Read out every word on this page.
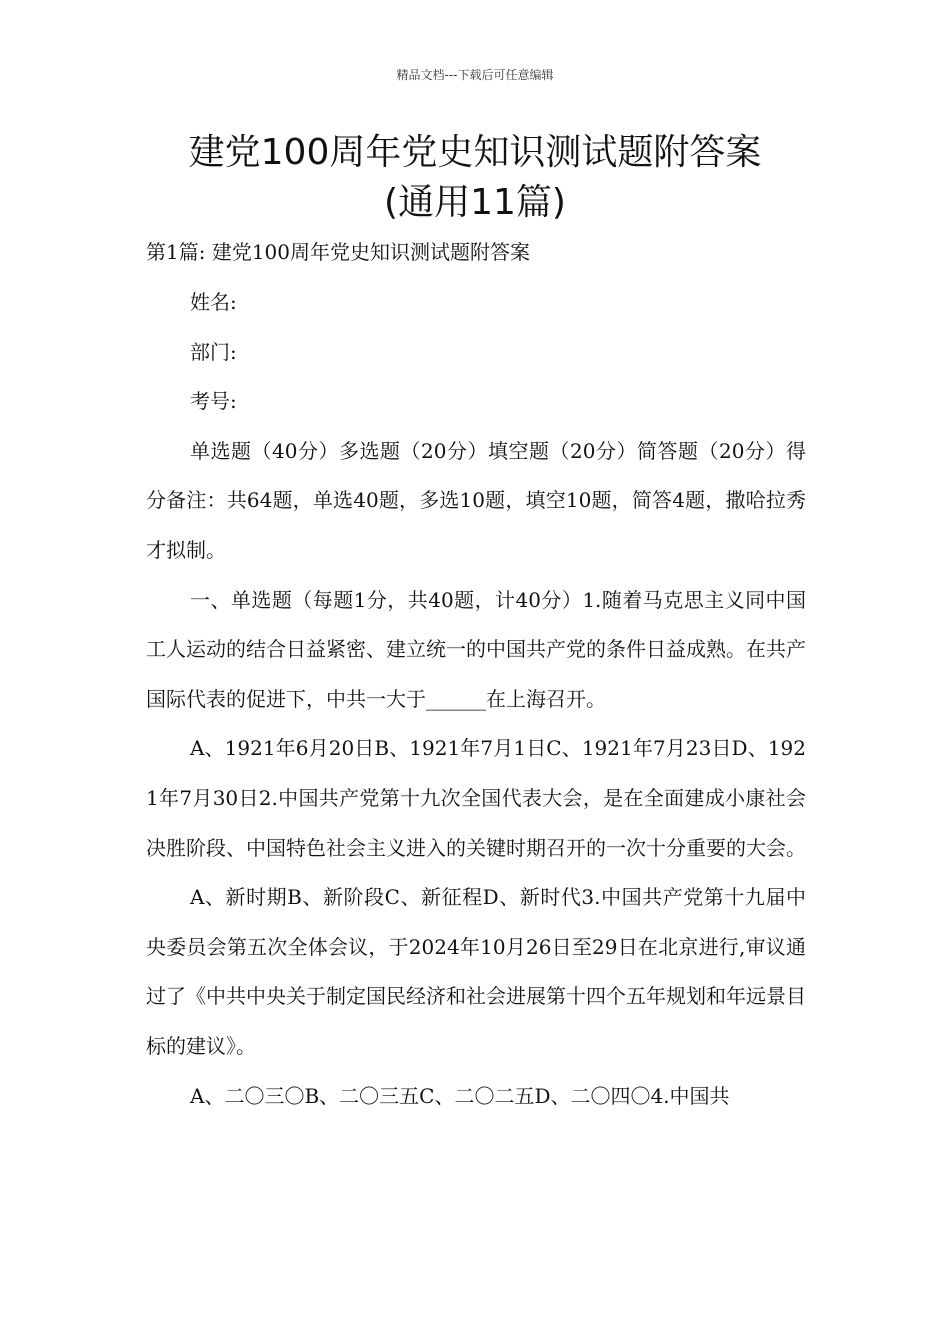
精品文档---下载后可任意编辑
建党100周年党史知识测试题附答案
(通用11篇)
第1篇: 建党100周年党史知识测试题附答案

姓名:

部门:

考号:

单选题（40分）多选题（20分）填空题（20分）简答题（20分）得分备注：共64题，单选40题，多选10题，填空10题，简答4题，撒哈拉秀才拟制。

一、单选题（每题1分，共40题，计40分）1.随着马克思主义同中国工人运动的结合日益紧密、建立统一的中国共产党的条件日益成熟。在共产国际代表的促进下，中共一大于______在上海召开。

A、1921年6月20日B、1921年7月1日C、1921年7月23日D、1921年7月30日2.中国共产党第十九次全国代表大会，是在全面建成小康社会决胜阶段、中国特色社会主义进入的关键时期召开的一次十分重要的大会。

A、新时期B、新阶段C、新征程D、新时代3.中国共产党第十九届中央委员会第五次全体会议，于2024年10月26日至29日在北京进行,审议通过了《中共中央关于制定国民经济和社会进展第十四个五年规划和年远景目标的建议》。

A、二〇三〇B、二〇三五C、二〇二五D、二〇四〇4.中国共
